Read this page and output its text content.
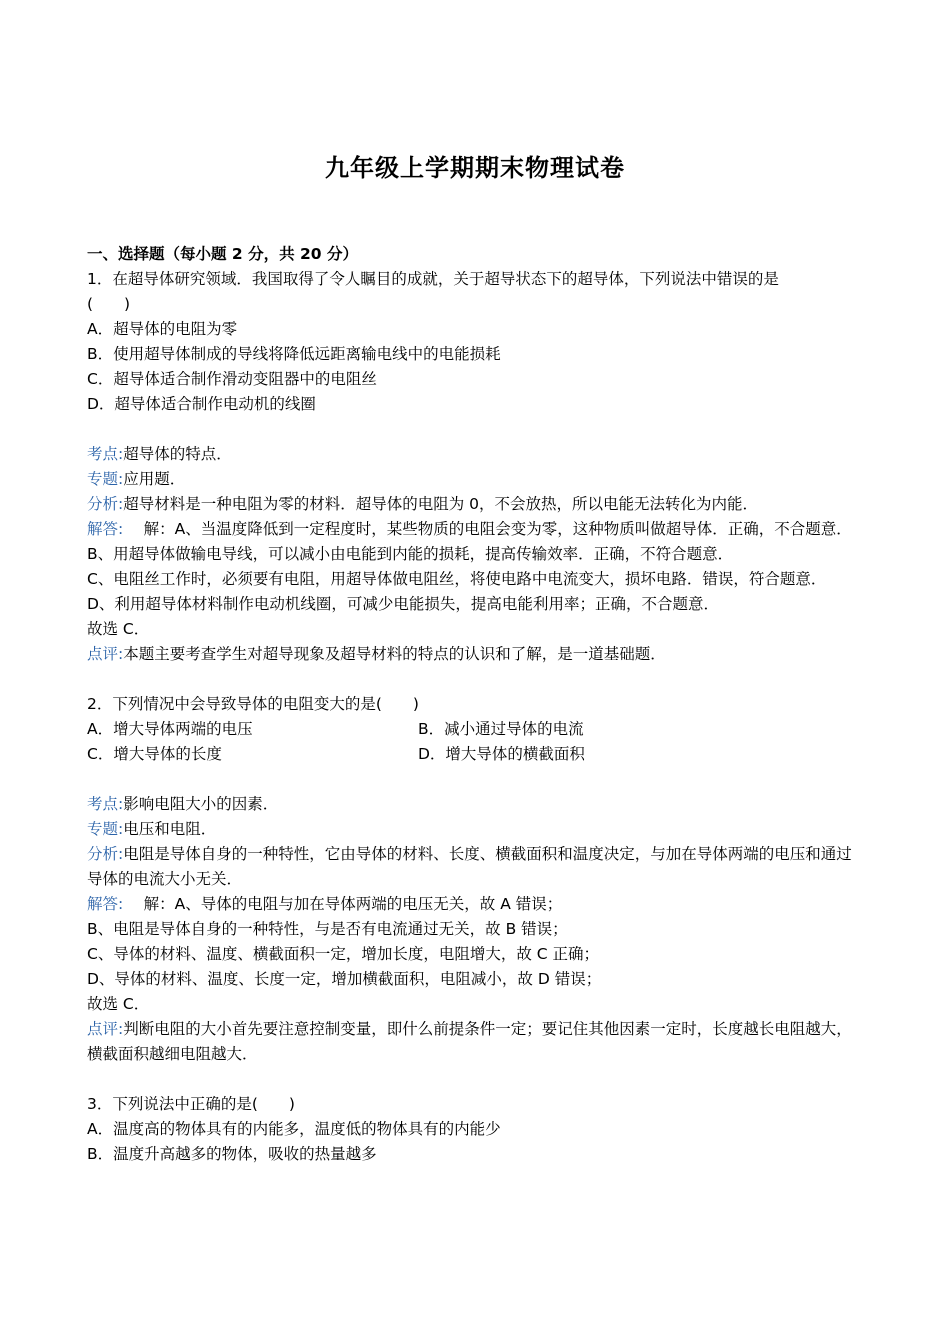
九年级上学期期末物理试卷
一、选择题（每小题 2 分，共 20 分）
1．在超导体研究领域．我国取得了令人瞩目的成就，关于超导状态下的超导体，下列说法中错误的是
(　　)
A．超导体的电阻为零
B．使用超导体制成的导线将降低远距离输电线中的电能损耗
C．超导体适合制作滑动变阻器中的电阻丝
D．超导体适合制作电动机的线圈
考点:超导体的特点．
专题:应用题．
分析:超导材料是一种电阻为零的材料．超导体的电阻为 0，不会放热，所以电能无法转化为内能．
解答:　 解：A、当温度降低到一定程度时，某些物质的电阻会变为零，这种物质叫做超导体．正确，不合题意．
B、用超导体做输电导线，可以减小由电能到内能的损耗，提高传输效率．正确，不符合题意．
C、电阻丝工作时，必须要有电阻，用超导体做电阻丝，将使电路中电流变大，损坏电路．错误，符合题意．
D、利用超导体材料制作电动机线圈，可减少电能损失，提高电能利用率；正确，不合题意．
故选 C．
点评:本题主要考查学生对超导现象及超导材料的特点的认识和了解，是一道基础题．
2．下列情况中会导致导体的电阻变大的是(　　)
A．增大导体两端的电压	B．减小通过导体的电流
C．增大导体的长度	D．增大导体的横截面积
考点:影响电阻大小的因素．
专题:电压和电阻．
分析:电阻是导体自身的一种特性，它由导体的材料、长度、横截面积和温度决定，与加在导体两端的电压和通过导体的电流大小无关．
解答:　 解：A、导体的电阻与加在导体两端的电压无关，故 A 错误；
B、电阻是导体自身的一种特性，与是否有电流通过无关，故 B 错误；
C、导体的材料、温度、横截面积一定，增加长度，电阻增大，故 C 正确；
D、导体的材料、温度、长度一定，增加横截面积，电阻减小，故 D 错误；
故选 C．
点评:判断电阻的大小首先要注意控制变量，即什么前提条件一定；要记住其他因素一定时，长度越长电阻越大，横截面积越细电阻越大．
3．下列说法中正确的是(　　)
A．温度高的物体具有的内能多，温度低的物体具有的内能少
B．温度升高越多的物体，吸收的热量越多
